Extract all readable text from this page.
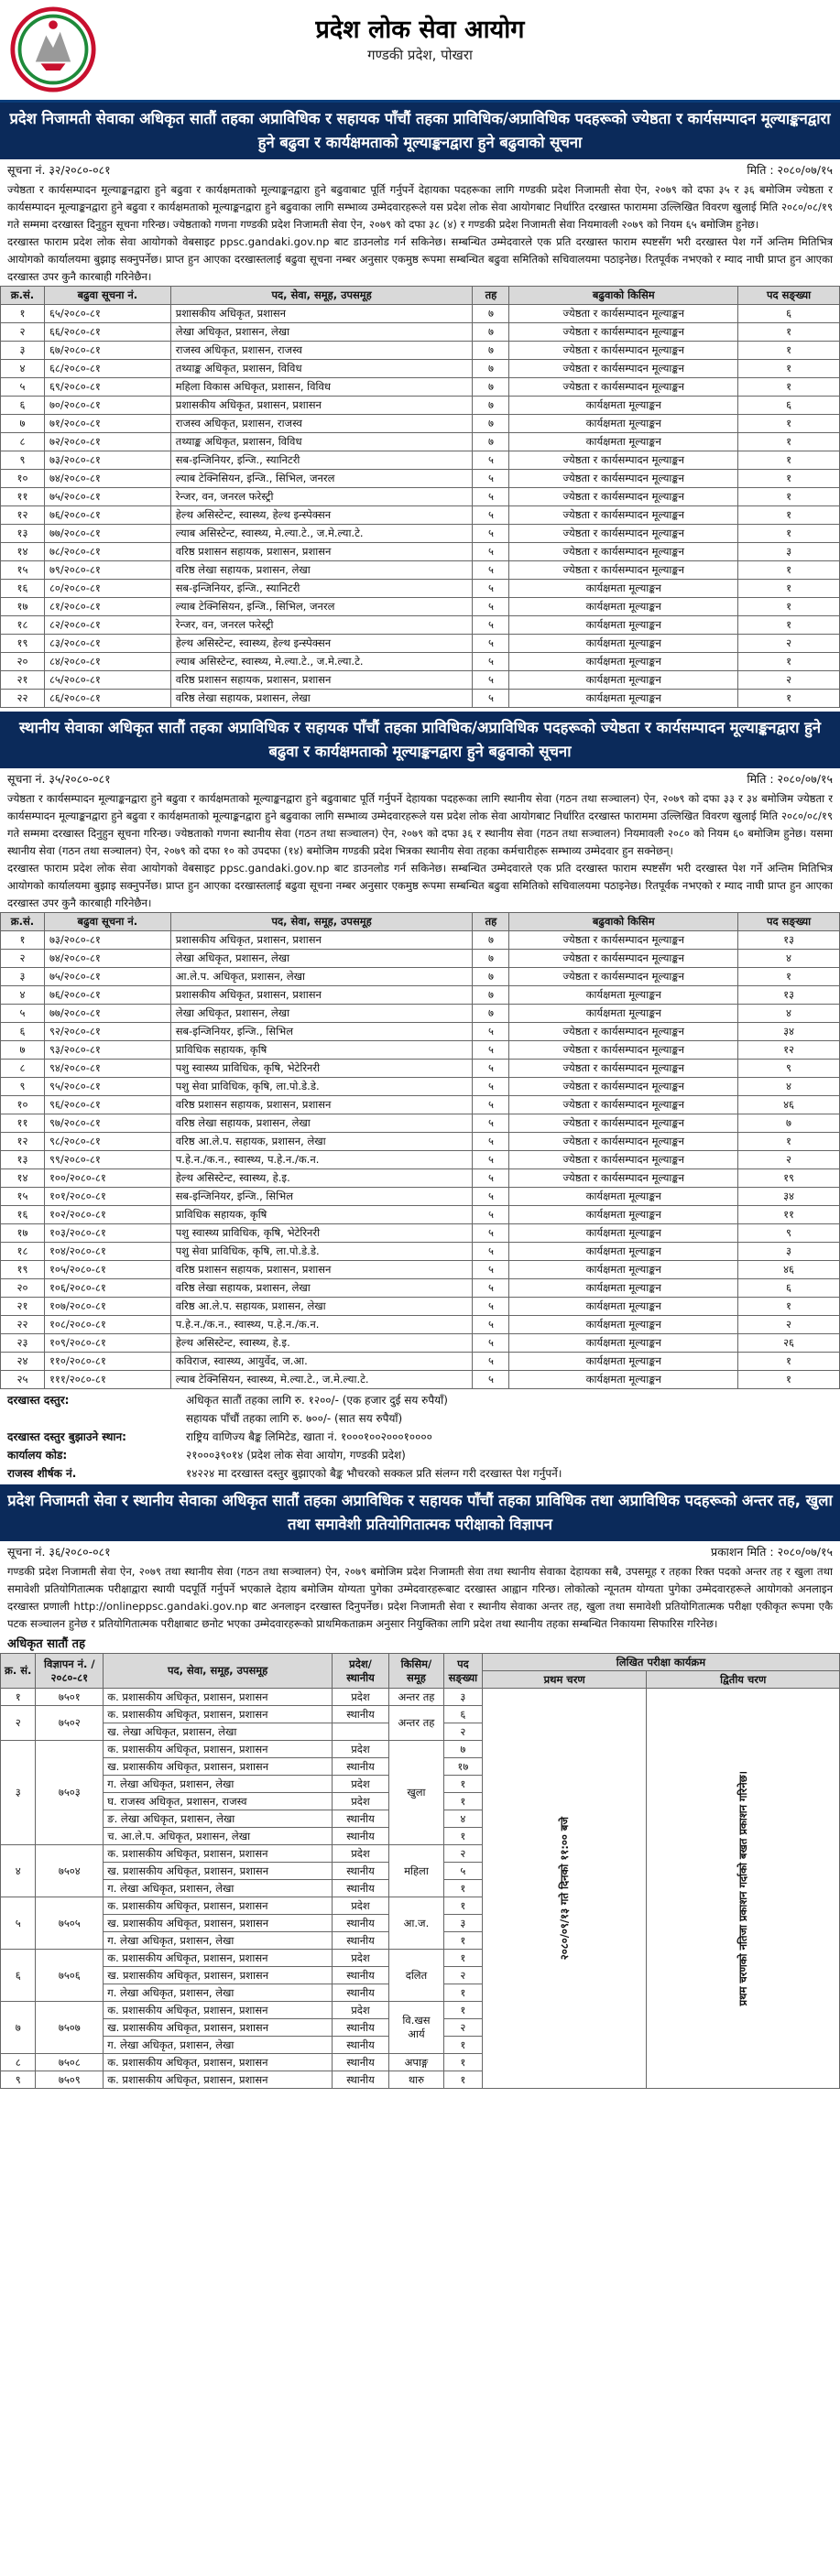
प्रदेश लोक सेवा आयोग
गण्डकी प्रदेश, पोखरा
प्रदेश निजामती सेवाका अधिकृत सातौं तहका अप्राविधिक र सहायक पाँचौं तहका प्राविधिक/अप्राविधिक पदहरूको ज्येष्ठता र कार्यसम्पादन मूल्याङ्कनद्वारा हुने बढुवा र कार्यक्षमताको मूल्याङ्कनद्वारा हुने बढुवाको सूचना
सूचना नं. ३२/२०८०-०८१	मिति : २०८०/०७/१५

ज्येष्ठता र कार्यसम्पादन मूल्याङ्कनद्वारा हुने बढुवा र कार्यक्षमताको मूल्याङ्कनद्वारा हुने बढुवाबाट पूर्ति गर्नुपर्ने देहायका पदहरूका लागि गण्डकी प्रदेश निजामती सेवा ऐन, २०७९ को दफा ३५ र ३६ बमोजिम ज्येष्ठता र कार्यसम्पादन मूल्याङ्कनद्वारा हुने बढुवा र कार्यक्षमताको मूल्याङ्कनद्वारा हुने बढुवाका लागि सम्भाव्य उम्मेदवारहरूले यस प्रदेश लोक सेवा आयोगबाट निर्धारित दरखास्त फाराममा उल्लिखित विवरण खुलाई मिति २०८०/०८/१९ गते सम्ममा दरखास्त दिनुहुन सूचना गरिन्छ। ज्येष्ठताको गणना गण्डकी प्रदेश निजामती सेवा ऐन, २०७९ को दफा ३८ (४) र गण्डकी प्रदेश निजामती सेवा नियमावली २०७९ को नियम ६५ बमोजिम हुनेछ।

दरखास्त फाराम प्रदेश लोक सेवा आयोगको वेबसाइट ppsc.gandaki.gov.np बाट डाउनलोड गर्न सकिनेछ। सम्बन्धित उम्मेदवारले एक प्रति दरखास्त फाराम स्पष्टसँग भरी दरखास्त पेश गर्ने अन्तिम मितिभित्र आयोगको कार्यालयमा बुझाइ सक्नुपर्नेछ। प्राप्त हुन आएका दरखास्तलाई बढुवा सूचना नम्बर अनुसार एकमुष्ठ रूपमा सम्बन्धित बढुवा समितिको सचिवालयमा पठाइनेछ। रितपूर्वक नभएको र म्याद नाघी प्राप्त हुन आएका दरखास्त उपर कुनै कारबाही गरिनेछैन।

क्र.सं.	बढुवा सूचना नं.	पद, सेवा, समूह, उपसमूह	तह	बढुवाको किसिम	पद सङ्ख्या
१	६५/२०८०-८१	प्रशासकीय अधिकृत, प्रशासन	७	ज्येष्ठता र कार्यसम्पादन मूल्याङ्कन	६
२	६६/२०८०-८१	लेखा अधिकृत, प्रशासन, लेखा	७	ज्येष्ठता र कार्यसम्पादन मूल्याङ्कन	१
३	६७/२०८०-८१	राजस्व अधिकृत, प्रशासन, राजस्व	७	ज्येष्ठता र कार्यसम्पादन मूल्याङ्कन	१
४	६८/२०८०-८१	तथ्याङ्क अधिकृत, प्रशासन, विविध	७	ज्येष्ठता र कार्यसम्पादन मूल्याङ्कन	१
५	६९/२०८०-८१	महिला विकास अधिकृत, प्रशासन, विविध	७	ज्येष्ठता र कार्यसम्पादन मूल्याङ्कन	१
६	७०/२०८०-८१	प्रशासकीय अधिकृत, प्रशासन, प्रशासन	७	कार्यक्षमता मूल्याङ्कन	६
७	७१/२०८०-८१	राजस्व अधिकृत, प्रशासन, राजस्व	७	कार्यक्षमता मूल्याङ्कन	१
८	७२/२०८०-८१	तथ्याङ्क अधिकृत, प्रशासन, विविध	७	कार्यक्षमता मूल्याङ्कन	१
९	७३/२०८०-८१	सब-इन्जिनियर, इन्जि., स्यानिटरी	५	ज्येष्ठता र कार्यसम्पादन मूल्याङ्कन	१
१०	७४/२०८०-८१	ल्याब टेक्निसियन, इन्जि., सिभिल, जनरल	५	ज्येष्ठता र कार्यसम्पादन मूल्याङ्कन	१
११	७५/२०८०-८१	रेन्जर, वन, जनरल फरेस्ट्री	५	ज्येष्ठता र कार्यसम्पादन मूल्याङ्कन	१
१२	७६/२०८०-८१	हेल्थ असिस्टेन्ट, स्वास्थ्य, हेल्थ इन्स्पेक्सन	५	ज्येष्ठता र कार्यसम्पादन मूल्याङ्कन	१
१३	७७/२०८०-८१	ल्याब असिस्टेन्ट, स्वास्थ्य, मे.ल्या.टे., ज.मे.ल्या.टे.	५	ज्येष्ठता र कार्यसम्पादन मूल्याङ्कन	१
१४	७८/२०८०-८१	वरिष्ठ प्रशासन सहायक, प्रशासन, प्रशासन	५	ज्येष्ठता र कार्यसम्पादन मूल्याङ्कन	३
१५	७९/२०८०-८१	वरिष्ठ लेखा सहायक, प्रशासन, लेखा	५	ज्येष्ठता र कार्यसम्पादन मूल्याङ्कन	१
१६	८०/२०८०-८१	सब-इन्जिनियर, इन्जि., स्यानिटरी	५	कार्यक्षमता मूल्याङ्कन	१
१७	८१/२०८०-८१	ल्याब टेक्निसियन, इन्जि., सिभिल, जनरल	५	कार्यक्षमता मूल्याङ्कन	१
१८	८२/२०८०-८१	रेन्जर, वन, जनरल फरेस्ट्री	५	कार्यक्षमता मूल्याङ्कन	१
१९	८३/२०८०-८१	हेल्थ असिस्टेन्ट, स्वास्थ्य, हेल्थ इन्स्पेक्सन	५	कार्यक्षमता मूल्याङ्कन	२
२०	८४/२०८०-८१	ल्याब असिस्टेन्ट, स्वास्थ्य, मे.ल्या.टे., ज.मे.ल्या.टे.	५	कार्यक्षमता मूल्याङ्कन	१
२१	८५/२०८०-८१	वरिष्ठ प्रशासन सहायक, प्रशासन, प्रशासन	५	कार्यक्षमता मूल्याङ्कन	२
२२	८६/२०८०-८१	वरिष्ठ लेखा सहायक, प्रशासन, लेखा	५	कार्यक्षमता मूल्याङ्कन	१
स्थानीय सेवाका अधिकृत सातौं तहका अप्राविधिक र सहायक पाँचौं तहका प्राविधिक/अप्राविधिक पदहरूको ज्येष्ठता र कार्यसम्पादन मूल्याङ्कनद्वारा हुने बढुवा र कार्यक्षमताको मूल्याङ्कनद्वारा हुने बढुवाको सूचना
सूचना नं. ३५/२०८०-०८१	मिति : २०८०/०७/१५

ज्येष्ठता र कार्यसम्पादन मूल्याङ्कनद्वारा हुने बढुवा र कार्यक्षमताको मूल्याङ्कनद्वारा हुने बढुवाबाट पूर्ति गर्नुपर्ने देहायका पदहरूका लागि स्थानीय सेवा (गठन तथा सञ्चालन) ऐन, २०७९ को दफा ३३ र ३४ बमोजिम ज्येष्ठता र कार्यसम्पादन मूल्याङ्कनद्वारा हुने बढुवा र कार्यक्षमताको मूल्याङ्कनद्वारा हुने बढुवाका लागि सम्भाव्य उम्मेदवारहरूले यस प्रदेश लोक सेवा आयोगबाट निर्धारित दरखास्त फाराममा उल्लिखित विवरण खुलाई मिति २०८०/०८/१९ गते सम्ममा दरखास्त दिनुहुन सूचना गरिन्छ। ज्येष्ठताको गणना स्थानीय सेवा (गठन तथा सञ्चालन) ऐन, २०७९ को दफा ३६ र स्थानीय सेवा (गठन तथा सञ्चालन) नियमावली २०८० को नियम ६० बमोजिम हुनेछ। यसमा स्थानीय सेवा (गठन तथा सञ्चालन) ऐन, २०७९ को दफा १० को उपदफा (१४) बमोजिम गण्डकी प्रदेश भित्रका स्थानीय सेवा तहका कर्मचारीहरू सम्भाव्य उम्मेदवार हुन सक्नेछन्।

दरखास्त फाराम प्रदेश लोक सेवा आयोगको वेबसाइट ppsc.gandaki.gov.np बाट डाउनलोड गर्न सकिनेछ। सम्बन्धित उम्मेदवारले एक प्रति दरखास्त फाराम स्पष्टसँग भरी दरखास्त पेश गर्ने अन्तिम मितिभित्र आयोगको कार्यालयमा बुझाइ सक्नुपर्नेछ। प्राप्त हुन आएका दरखास्तलाई बढुवा सूचना नम्बर अनुसार एकमुष्ठ रूपमा सम्बन्धित बढुवा समितिको सचिवालयमा पठाइनेछ। रितपूर्वक नभएको र म्याद नाघी प्राप्त हुन आएका दरखास्त उपर कुनै कारबाही गरिनेछैन।

क्र.सं.	बढुवा सूचना नं.	पद, सेवा, समूह, उपसमूह	तह	बढुवाको किसिम	पद सङ्ख्या
१	७३/२०८०-८१	प्रशासकीय अधिकृत, प्रशासन, प्रशासन	७	ज्येष्ठता र कार्यसम्पादन मूल्याङ्कन	१३
२	७४/२०८०-८१	लेखा अधिकृत, प्रशासन, लेखा	७	ज्येष्ठता र कार्यसम्पादन मूल्याङ्कन	४
३	७५/२०८०-८१	आ.ले.प. अधिकृत, प्रशासन, लेखा	७	ज्येष्ठता र कार्यसम्पादन मूल्याङ्कन	१
४	७६/२०८०-८१	प्रशासकीय अधिकृत, प्रशासन, प्रशासन	७	कार्यक्षमता मूल्याङ्कन	१३
५	७७/२०८०-८१	लेखा अधिकृत, प्रशासन, लेखा	७	कार्यक्षमता मूल्याङ्कन	४
६	९२/२०८०-८१	सब-इन्जिनियर, इन्जि., सिभिल	५	ज्येष्ठता र कार्यसम्पादन मूल्याङ्कन	३४
७	९३/२०८०-८१	प्राविधिक सहायक, कृषि	५	ज्येष्ठता र कार्यसम्पादन मूल्याङ्कन	१२
८	९४/२०८०-८१	पशु स्वास्थ्य प्राविधिक, कृषि, भेटेरिनरी	५	ज्येष्ठता र कार्यसम्पादन मूल्याङ्कन	९
९	९५/२०८०-८१	पशु सेवा प्राविधिक, कृषि, ला.पो.डे.डे.	५	ज्येष्ठता र कार्यसम्पादन मूल्याङ्कन	४
१०	९६/२०८०-८१	वरिष्ठ प्रशासन सहायक, प्रशासन, प्रशासन	५	ज्येष्ठता र कार्यसम्पादन मूल्याङ्कन	४६
११	९७/२०८०-८१	वरिष्ठ लेखा सहायक, प्रशासन, लेखा	५	ज्येष्ठता र कार्यसम्पादन मूल्याङ्कन	७
१२	९८/२०८०-८१	वरिष्ठ आ.ले.प. सहायक, प्रशासन, लेखा	५	ज्येष्ठता र कार्यसम्पादन मूल्याङ्कन	१
१३	९९/२०८०-८१	प.हे.न./क.न., स्वास्थ्य, प.हे.न./क.न.	५	ज्येष्ठता र कार्यसम्पादन मूल्याङ्कन	२
१४	१००/२०८०-८१	हेल्थ असिस्टेन्ट, स्वास्थ्य, हे.इ.	५	ज्येष्ठता र कार्यसम्पादन मूल्याङ्कन	१९
१५	१०१/२०८०-८१	सब-इन्जिनियर, इन्जि., सिभिल	५	कार्यक्षमता मूल्याङ्कन	३४
१६	१०२/२०८०-८१	प्राविधिक सहायक, कृषि	५	कार्यक्षमता मूल्याङ्कन	११
१७	१०३/२०८०-८१	पशु स्वास्थ्य प्राविधिक, कृषि, भेटेरिनरी	५	कार्यक्षमता मूल्याङ्कन	९
१८	१०४/२०८०-८१	पशु सेवा प्राविधिक, कृषि, ला.पो.डे.डे.	५	कार्यक्षमता मूल्याङ्कन	३
१९	१०५/२०८०-८१	वरिष्ठ प्रशासन सहायक, प्रशासन, प्रशासन	५	कार्यक्षमता मूल्याङ्कन	४६
२०	१०६/२०८०-८१	वरिष्ठ लेखा सहायक, प्रशासन, लेखा	५	कार्यक्षमता मूल्याङ्कन	६
२१	१०७/२०८०-८१	वरिष्ठ आ.ले.प. सहायक, प्रशासन, लेखा	५	कार्यक्षमता मूल्याङ्कन	१
२२	१०८/२०८०-८१	प.हे.न./क.न., स्वास्थ्य, प.हे.न./क.न.	५	कार्यक्षमता मूल्याङ्कन	२
२३	१०९/२०८०-८१	हेल्थ असिस्टेन्ट, स्वास्थ्य, हे.इ.	५	कार्यक्षमता मूल्याङ्कन	२६
२४	११०/२०८०-८१	कविराज, स्वास्थ्य, आयुर्वेद, ज.आ.	५	कार्यक्षमता मूल्याङ्कन	१
२५	१११/२०८०-८१	ल्याब टेक्निसियन, स्वास्थ्य, मे.ल्या.टे., ज.मे.ल्या.टे.	५	कार्यक्षमता मूल्याङ्कन	१
दरखास्त दस्तुर:	अधिकृत सातौं तहका लागि रु. १२००/- (एक हजार दुई सय रुपैयाँ)
सहायक पाँचौं तहका लागि रु. ७००/- (सात सय रुपैयाँ)
दरखास्त दस्तुर बुझाउने स्थान:	राष्ट्रिय वाणिज्य बैङ्क लिमिटेड, खाता नं. १०००१००२०००१००००
कार्यालय कोड:	२१०००३९०१४ (प्रदेश लोक सेवा आयोग, गण्डकी प्रदेश)
राजस्व शीर्षक नं.	१४२२४ मा दरखास्त दस्तुर बुझाएको बैङ्क भौचरको सक्कल प्रति संलग्न गरी दरखास्त पेश गर्नुपर्ने।
प्रदेश निजामती सेवा र स्थानीय सेवाका अधिकृत सातौं तहका अप्राविधिक र सहायक पाँचौं तहका प्राविधिक तथा अप्राविधिक पदहरूको अन्तर तह, खुला तथा समावेशी प्रतियोगितात्मक परीक्षाको विज्ञापन
सूचना नं. ३६/२०८०-०८१	प्रकाशन मिति : २०८०/०७/१५

गण्डकी प्रदेश निजामती सेवा ऐन, २०७९ तथा स्थानीय सेवा (गठन तथा सञ्चालन) ऐन, २०७९ बमोजिम प्रदेश निजामती सेवा तथा स्थानीय सेवाका देहायका सबै, उपसमूह र तहका रिक्त पदको अन्तर तह र खुला तथा समावेशी प्रतियोगितात्मक परीक्षाद्वारा स्थायी पदपूर्ति गर्नुपर्ने भएकाले देहाय बमोजिम योग्यता पुगेका उम्मेदवारहरूबाट दरखास्त आह्वान गरिन्छ। लोकोत्को न्यूनतम योग्यता पुगेका उम्मेदवारहरूले आयोगको अनलाइन दरखास्त प्रणाली http://onlineppsc.gandaki.gov.np बाट अनलाइन दरखास्त दिनुपर्नेछ। प्रदेश निजामती सेवा र स्थानीय सेवाका अन्तर तह, खुला तथा समावेशी प्रतियोगितात्मक परीक्षा एकीकृत रूपमा एकै पटक सञ्चालन हुनेछ र प्रतियोगितात्मक परीक्षाबाट छनोट भएका उम्मेदवारहरूको प्राथमिकताक्रम अनुसार नियुक्तिका लागि प्रदेश तथा स्थानीय तहका सम्बन्धित निकायमा सिफारिस गरिनेछ।

अधिकृत सातौं तह
क्र. सं.	विज्ञापन नं. /२०८०-८१	पद, सेवा, समूह, उपसमूह	प्रदेश/ स्थानीय	किसिम/ समूह	पद सङ्ख्या	लिखित परीक्षा कार्यक्रम	
						प्रथम चरण	द्वितीय चरण
१	७५०१	क. प्रशासकीय अधिकृत, प्रशासन, प्रशासन	प्रदेश	अन्तर तह	३	२०८०/०९/१३ गते दिनको ११:०० बजे	प्रथम चरणको नतिजा प्रकाशन गर्दाको बखत प्रकाशन गरिनेछ।

२	७५०२	क. प्रशासकीय अधिकृत, प्रशासन, प्रशासन	स्थानीय	अन्तर तह	६		
		ख. लेखा अधिकृत, प्रशासन, लेखा			२		
३	७५०३	क. प्रशासकीय अधिकृत, प्रशासन, प्रशासन	प्रदेश	खुला	७		
		ख. प्रशासकीय अधिकृत, प्रशासन, प्रशासन	स्थानीय		१७		
		ग. लेखा अधिकृत, प्रशासन, लेखा	प्रदेश		१		
		घ. राजस्व अधिकृत, प्रशासन, राजस्व	प्रदेश		१		
		ङ. लेखा अधिकृत, प्रशासन, लेखा	स्थानीय		४		
		च. आ.ले.प. अधिकृत, प्रशासन, लेखा	स्थानीय		१		
४	७५०४	क. प्रशासकीय अधिकृत, प्रशासन, प्रशासन	प्रदेश	महिला	२		
		ख. प्रशासकीय अधिकृत, प्रशासन, प्रशासन	स्थानीय		५		
		ग. लेखा अधिकृत, प्रशासन, लेखा	स्थानीय		१		
५	७५०५	क. प्रशासकीय अधिकृत, प्रशासन, प्रशासन	प्रदेश	आ.ज.	१		
		ख. प्रशासकीय अधिकृत, प्रशासन, प्रशासन	स्थानीय		३		
		ग. लेखा अधिकृत, प्रशासन, लेखा	स्थानीय		१		
६	७५०६	क. प्रशासकीय अधिकृत, प्रशासन, प्रशासन	प्रदेश	दलित	१		
		ख. प्रशासकीय अधिकृत, प्रशासन, प्रशासन	स्थानीय		२		
		ग. लेखा अधिकृत, प्रशासन, लेखा	स्थानीय		१		
७	७५०७	क. प्रशासकीय अधिकृत, प्रशासन, प्रशासन	प्रदेश	वि.खस आर्य	१		
		ख. प्रशासकीय अधिकृत, प्रशासन, प्रशासन	स्थानीय		२		
		ग. लेखा अधिकृत, प्रशासन, लेखा	स्थानीय		१		
८	७५०८	क. प्रशासकीय अधिकृत, प्रशासन, प्रशासन	स्थानीय	अपाङ्ग	१		
९	७५०९	क. प्रशासकीय अधिकृत, प्रशासन, प्रशासन	स्थानीय	थारु	१		
